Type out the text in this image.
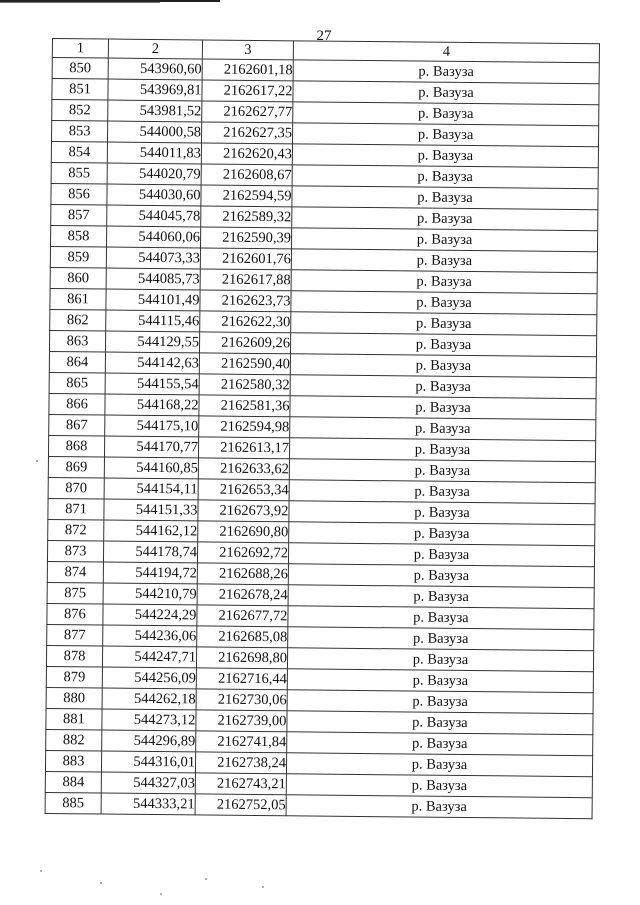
27
1	2	3	4
850	543960,60	2162601,18	р. Вазуза
851	543969,81	2162617,22	р. Вазуза
852	543981,52	2162627,77	р. Вазуза
853	544000,58	2162627,35	р. Вазуза
854	544011,83	2162620,43	р. Вазуза
855	544020,79	2162608,67	р. Вазуза
856	544030,60	2162594,59	р. Вазуза
857	544045,78	2162589,32	р. Вазуза
858	544060,06	2162590,39	р. Вазуза
859	544073,33	2162601,76	р. Вазуза
860	544085,73	2162617,88	р. Вазуза
861	544101,49	2162623,73	р. Вазуза
862	544115,46	2162622,30	р. Вазуза
863	544129,55	2162609,26	р. Вазуза
864	544142,63	2162590,40	р. Вазуза
865	544155,54	2162580,32	р. Вазуза
866	544168,22	2162581,36	р. Вазуза
867	544175,10	2162594,98	р. Вазуза
868	544170,77	2162613,17	р. Вазуза
869	544160,85	2162633,62	р. Вазуза
870	544154,11	2162653,34	р. Вазуза
871	544151,33	2162673,92	р. Вазуза
872	544162,12	2162690,80	р. Вазуза
873	544178,74	2162692,72	р. Вазуза
874	544194,72	2162688,26	р. Вазуза
875	544210,79	2162678,24	р. Вазуза
876	544224,29	2162677,72	р. Вазуза
877	544236,06	2162685,08	р. Вазуза
878	544247,71	2162698,80	р. Вазуза
879	544256,09	2162716,44	р. Вазуза
880	544262,18	2162730,06	р. Вазуза
881	544273,12	2162739,00	р. Вазуза
882	544296,89	2162741,84	р. Вазуза
883	544316,01	2162738,24	р. Вазуза
884	544327,03	2162743,21	р. Вазуза
885	544333,21	2162752,05	р. Вазуза
